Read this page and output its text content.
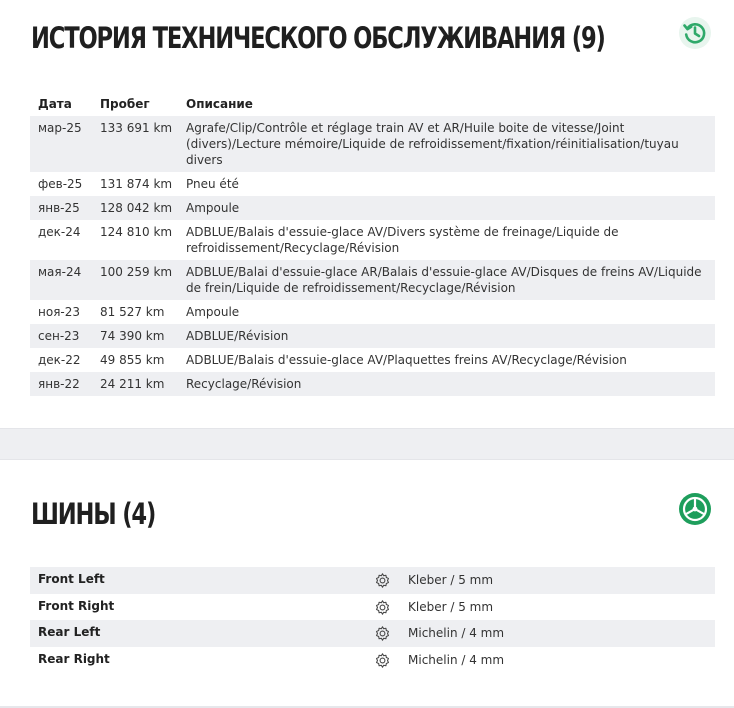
ИСТОРИЯ ТЕХНИЧЕСКОГО ОБСЛУЖИВАНИЯ (9)
Дата	Пробег	Описание
мар-25	133 691 km	Agrafe/Clip/Contrôle et réglage train AV et AR/Huile boite de vitesse/Joint (divers)/Lecture mémoire/Liquide de refroidissement/fixation/réinitialisation/tuyau divers
фев-25	131 874 km	Pneu été
янв-25	128 042 km	Ampoule
дек-24	124 810 km	ADBLUE/Balais d'essuie-glace AV/Divers système de freinage/Liquide de refroidissement/Recyclage/Révision
мая-24	100 259 km	ADBLUE/Balai d'essuie-glace AR/Balais d'essuie-glace AV/Disques de freins AV/Liquide de frein/Liquide de refroidissement/Recyclage/Révision
ноя-23	81 527 km	Ampoule
сен-23	74 390 km	ADBLUE/Révision
дек-22	49 855 km	ADBLUE/Balais d'essuie-glace AV/Plaquettes freins AV/Recyclage/Révision
янв-22	24 211 km	Recyclage/Révision
ШИНЫ (4)
Front Left	Kleber / 5 mm
Front Right	Kleber / 5 mm
Rear Left	Michelin / 4 mm
Rear Right	Michelin / 4 mm
